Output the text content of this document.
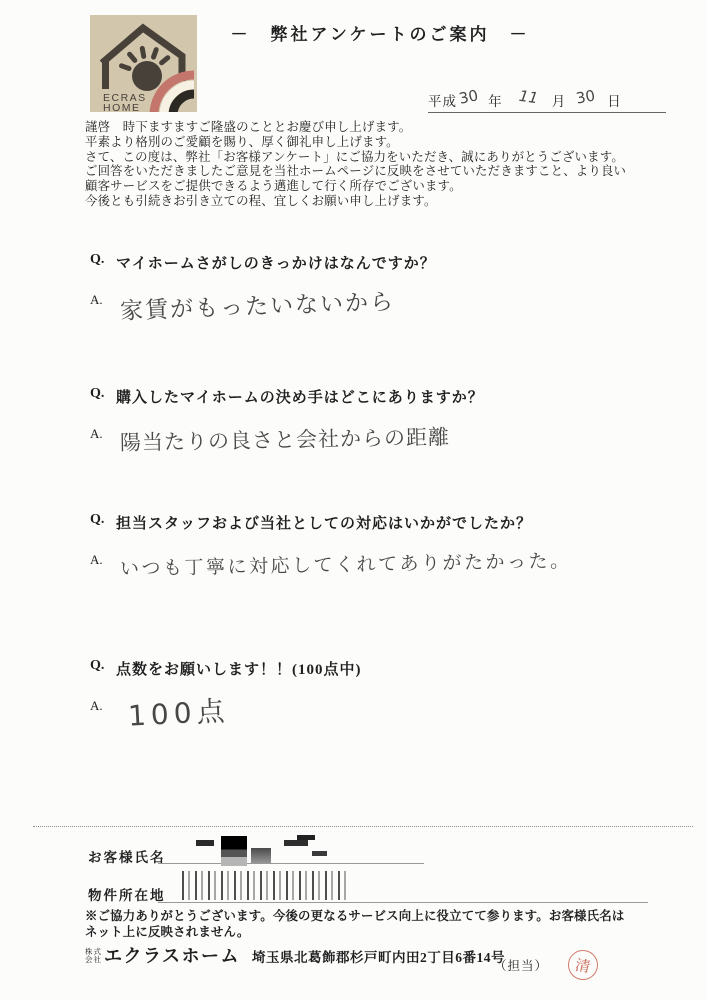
ECRAS
HOME
－　弊社アンケートのご案内　－
平成 30 年 11 月 30 日

謹啓　時下ますますご隆盛のこととお慶び申し上げます。

平素より格別のご愛顧を賜り、厚く御礼申し上げます。

さて、この度は、弊社「お客様アンケート」にご協力をいただき、誠にありがとうございます。

ご回答をいただきましたご意見を当社ホームページに反映をさせていただきますこと、より良い

顧客サービスをご提供できるよう邁進して行く所存でございます。

今後とも引続きお引き立ての程、宜しくお願い申し上げます。

Q. マイホームさがしのきっかけはなんですか？
A. 家賃がもったいないから
Q. 購入したマイホームの決め手はどこにありますか？
A. 陽当たりの良さと会社からの距離
Q. 担当スタッフおよび当社としての対応はいかがでしたか？
A. いつも丁寧に対応してくれてありがたかった。
Q. 点数をお願いします！！(100点中)
A. 100点
お客様氏名
物件所在地

※ご協力ありがとうございます。今後の更なるサービス向上に役立てて参ります。お客様氏名は

ネット上に反映されません。

株式
会社 エクラスホーム 埼玉県北葛飾郡杉戸町内田2丁目6番14号
（担当）	清
